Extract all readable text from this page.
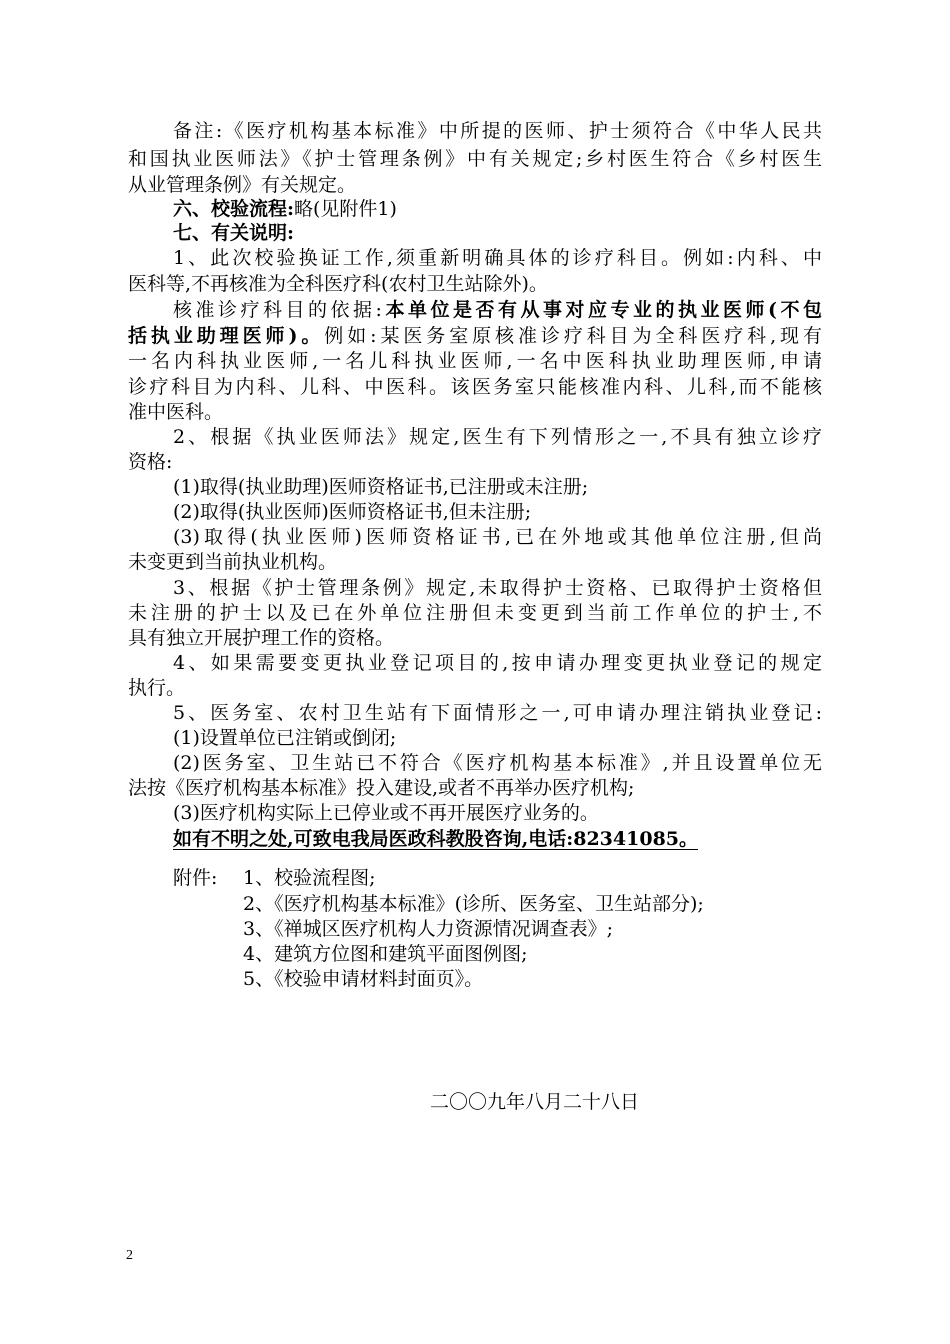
备注:《医疗机构基本标准》中所提的医师、护士须符合《中华人民共
和国执业医师法》《护士管理条例》中有关规定;乡村医生符合《乡村医生
从业管理条例》有关规定。
六、校验流程:略(见附件1)
七、有关说明:
1、此次校验换证工作,须重新明确具体的诊疗科目。例如:内科、中
医科等,不再核准为全科医疗科(农村卫生站除外)。
核准诊疗科目的依据:本单位是否有从事对应专业的执业医师(不包
括执业助理医师)。例如:某医务室原核准诊疗科目为全科医疗科,现有
一名内科执业医师,一名儿科执业医师,一名中医科执业助理医师,申请
诊疗科目为内科、儿科、中医科。该医务室只能核准内科、儿科,而不能核
准中医科。
2、根据《执业医师法》规定,医生有下列情形之一,不具有独立诊疗
资格:
(1)取得(执业助理)医师资格证书,已注册或未注册;
(2)取得(执业医师)医师资格证书,但未注册;
(3)取得(执业医师)医师资格证书,已在外地或其他单位注册,但尚
未变更到当前执业机构。
3、根据《护士管理条例》规定,未取得护士资格、已取得护士资格但
未注册的护士以及已在外单位注册但未变更到当前工作单位的护士,不
具有独立开展护理工作的资格。
4、如果需要变更执业登记项目的,按申请办理变更执业登记的规定
执行。
5、医务室、农村卫生站有下面情形之一,可申请办理注销执业登记:
(1)设置单位已注销或倒闭;
(2)医务室、卫生站已不符合《医疗机构基本标准》,并且设置单位无
法按《医疗机构基本标准》投入建设,或者不再举办医疗机构;
(3)医疗机构实际上已停业或不再开展医疗业务的。
如有不明之处,可致电我局医政科教股咨询,电话:82341085。
附件: 1、校验流程图;
2、《医疗机构基本标准》(诊所、医务室、卫生站部分);
3、《禅城区医疗机构人力资源情况调查表》;
4、建筑方位图和建筑平面图例图;
5、《校验申请材料封面页》。
二〇〇九年八月二十八日
2
